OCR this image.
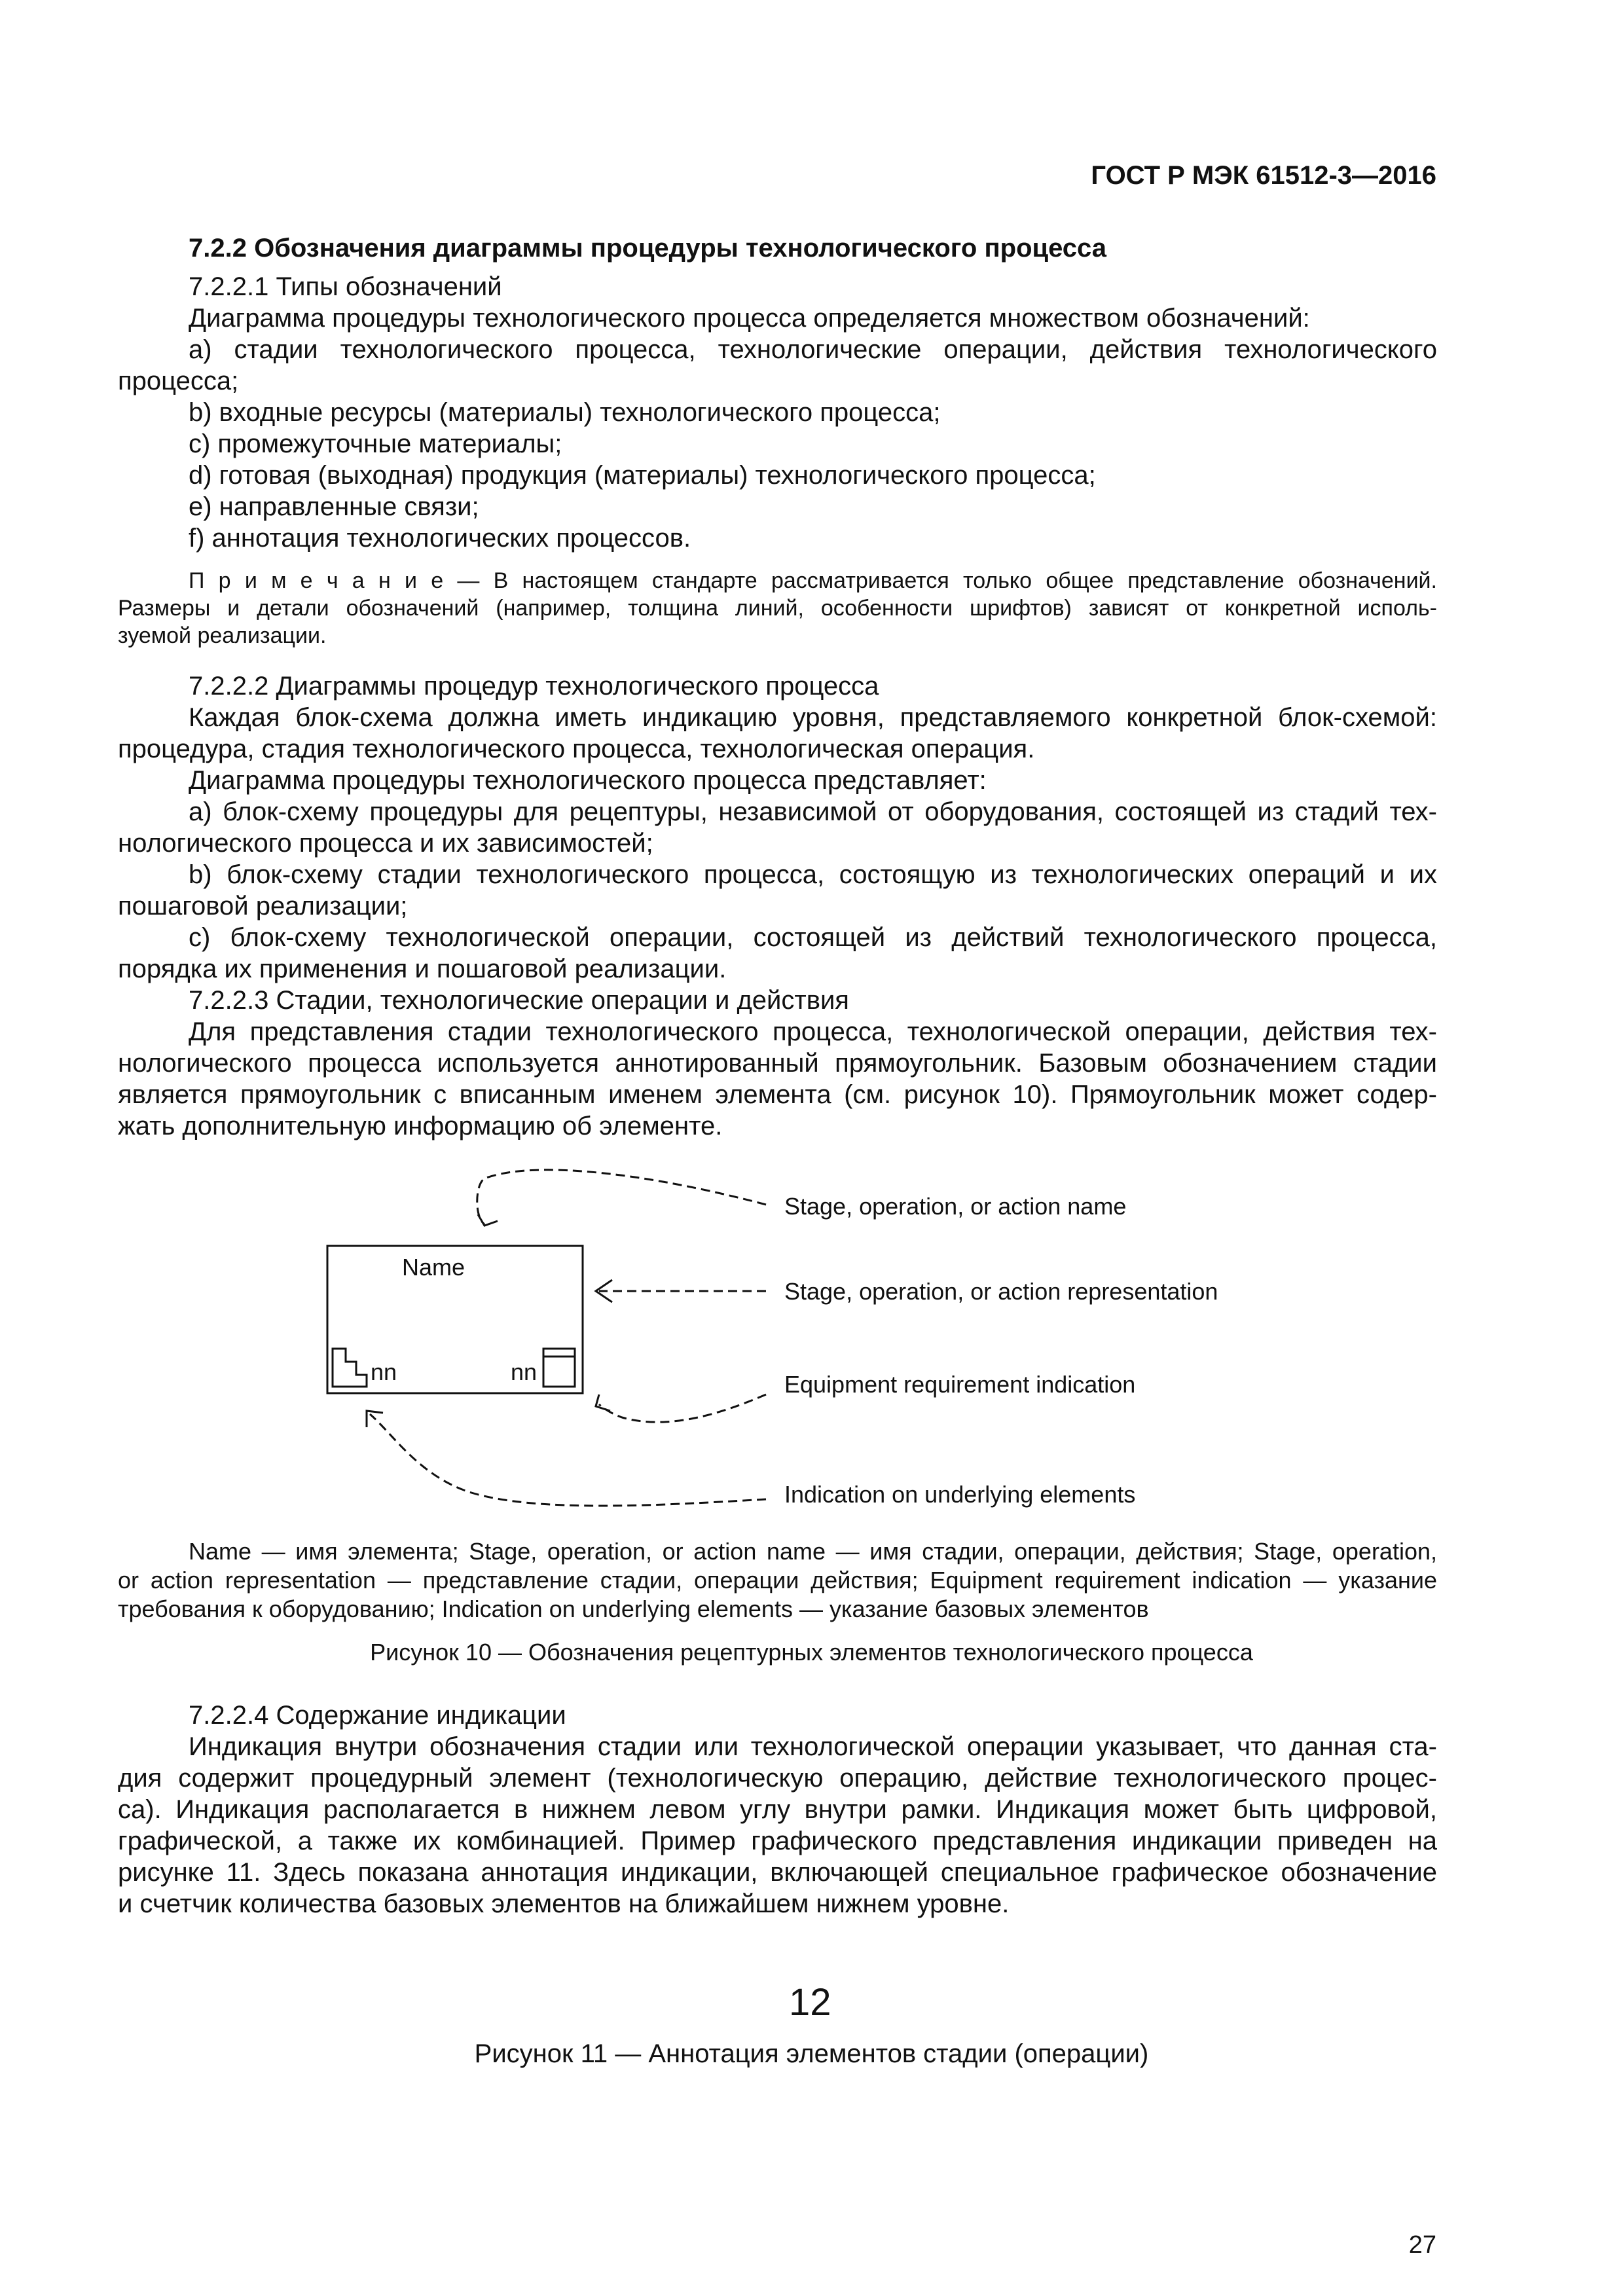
ГОСТ Р МЭК 61512-3—2016
7.2.2 Обозначения диаграммы процедуры технологического процесса
7.2.2.1 Типы обозначений
Диаграмма процедуры технологического процесса определяется множеством обозначений:
a) стадии технологического процесса, технологические операции, действия технологического
процесса;
b) входные ресурсы (материалы) технологического процесса;
c) промежуточные материалы;
d) готовая (выходная) продукция (материалы) технологического процесса;
e) направленные связи;
f) аннотация технологических процессов.
П р и м е ч а н и е — В настоящем стандарте рассматривается только общее представление обозначений.
Размеры и детали обозначений (например, толщина линий, особенности шрифтов) зависят от конкретной исполь-
зуемой реализации.
7.2.2.2 Диаграммы процедур технологического процесса
Каждая блок-схема должна иметь индикацию уровня, представляемого конкретной блок-схемой:
процедура, стадия технологического процесса, технологическая операция.
Диаграмма процедуры технологического процесса представляет:
a) блок-схему процедуры для рецептуры, независимой от оборудования, состоящей из стадий тех-
нологического процесса и их зависимостей;
b) блок-схему стадии технологического процесса, состоящую из технологических операций и их
пошаговой реализации;
c) блок-схему технологической операции, состоящей из действий технологического процесса,
порядка их применения и пошаговой реализации.
7.2.2.3 Стадии, технологические операции и действия
Для представления стадии технологического процесса, технологической операции, действия тех-
нологического процесса используется аннотированный прямоугольник. Базовым обозначением стадии
является прямоугольник с вписанным именем элемента (см. рисунок 10). Прямоугольник может содер-
жать дополнительную информацию об элементе.
Name
nn	nn
Stage, operation, or action name
Stage, operation, or action representation
Equipment requirement indication
Indication on underlying elements
Name — имя элемента; Stage, operation, or action name — имя стадии, операции, действия; Stage, operation,
or action representation — представление стадии, операции действия; Equipment requirement indication — указание
требования к оборудованию; Indication on underlying elements — указание базовых элементов
Рисунок 10 — Обозначения рецептурных элементов технологического процесса
7.2.2.4 Содержание индикации
Индикация внутри обозначения стадии или технологической операции указывает, что данная ста-
дия содержит процедурный элемент (технологическую операцию, действие технологического процес-
са). Индикация располагается в нижнем левом углу внутри рамки. Индикация может быть цифровой,
графической, а также их комбинацией. Пример графического представления индикации приведен на
рисунке 11. Здесь показана аннотация индикации, включающей специальное графическое обозначение
и счетчик количества базовых элементов на ближайшем нижнем уровне.
12
Рисунок 11 — Аннотация элементов стадии (операции)
27
